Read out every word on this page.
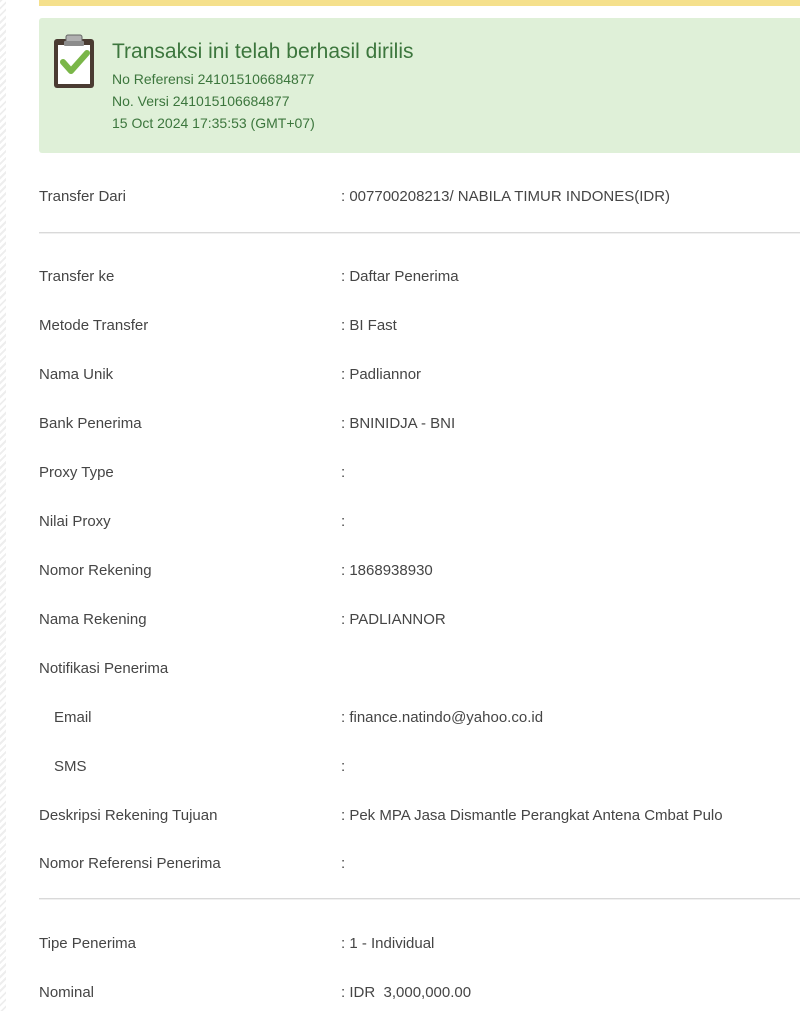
Transaksi ini telah berhasil dirilis
No Referensi 241015106684877
No. Versi 241015106684877
15 Oct 2024 17:35:53 (GMT+07)
Transfer Dari	: 007700208213/ NABILA TIMUR INDONES(IDR)
Transfer ke	: Daftar Penerima
Metode Transfer	: BI Fast
Nama Unik	: Padliannor
Bank Penerima	: BNINIDJA - BNI
Proxy Type	:
Nilai Proxy	:
Nomor Rekening	: 1868938930
Nama Rekening	: PADLIANNOR
Notifikasi Penerima
Email	: finance.natindo@yahoo.co.id
SMS	:
Deskripsi Rekening Tujuan	: Pek MPA Jasa Dismantle Perangkat Antena Cmbat Pulo
Nomor Referensi Penerima	:
Tipe Penerima	: 1 - Individual
Nominal	: IDR  3,000,000.00
